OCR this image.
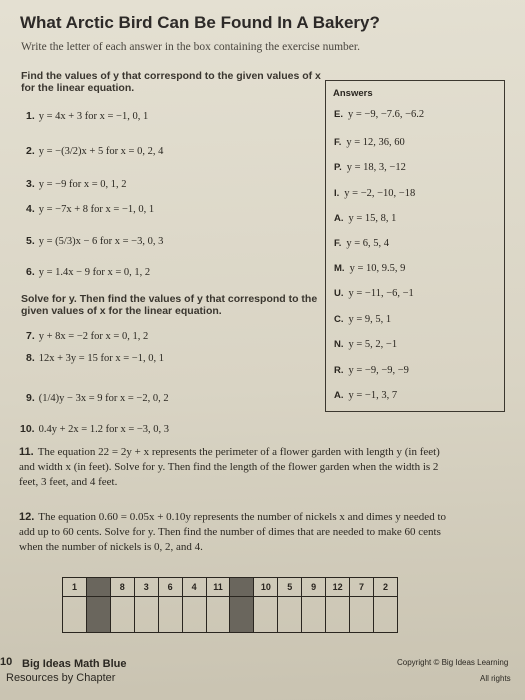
What Arctic Bird Can Be Found In A Bakery?
Write the letter of each answer in the box containing the exercise number.
Find the values of y that correspond to the given values of x for the linear equation.
1. y = 4x + 3 for x = −1, 0, 1
2. y = −(3/2)x + 5 for x = 0, 2, 4
3. y = −9 for x = 0, 1, 2
4. y = −7x + 8 for x = −1, 0, 1
5. y = (5/3)x − 6 for x = −3, 0, 3
6. y = 1.4x − 9 for x = 0, 1, 2
Solve for y. Then find the values of y that correspond to the given values of x for the linear equation.
7. y + 8x = −2 for x = 0, 1, 2
8. 12x + 3y = 15 for x = −1, 0, 1
9. (1/4)y − 3x = 9 for x = −2, 0, 2
10. 0.4y + 2x = 1.2 for x = −3, 0, 3
Answers
E. y = −9, −7.6, −6.2
F. y = 12, 36, 60
P. y = 18, 3, −12
I. y = −2, −10, −18
A. y = 15, 8, 1
F. y = 6, 5, 4
M. y = 10, 9.5, 9
U. y = −11, −6, −1
C. y = 9, 5, 1
N. y = 5, 2, −1
R. y = −9, −9, −9
A. y = −1, 3, 7
11. The equation 22 = 2y + x represents the perimeter of a flower garden with length y (in feet) and width x (in feet). Solve for y. Then find the length of the flower garden when the width is 2 feet, 3 feet, and 4 feet.
12. The equation 0.60 = 0.05x + 0.10y represents the number of nickels x and dimes y needed to add up to 60 cents. Solve for y. Then find the number of dimes that are needed to make 60 cents when the number of nickels is 0, 2, and 4.
1	8	3	6	4	11	10	5	9	12	7	2
10 Big Ideas Math Blue
Resources by Chapter
Copyright © Big Ideas Learning
All rights
